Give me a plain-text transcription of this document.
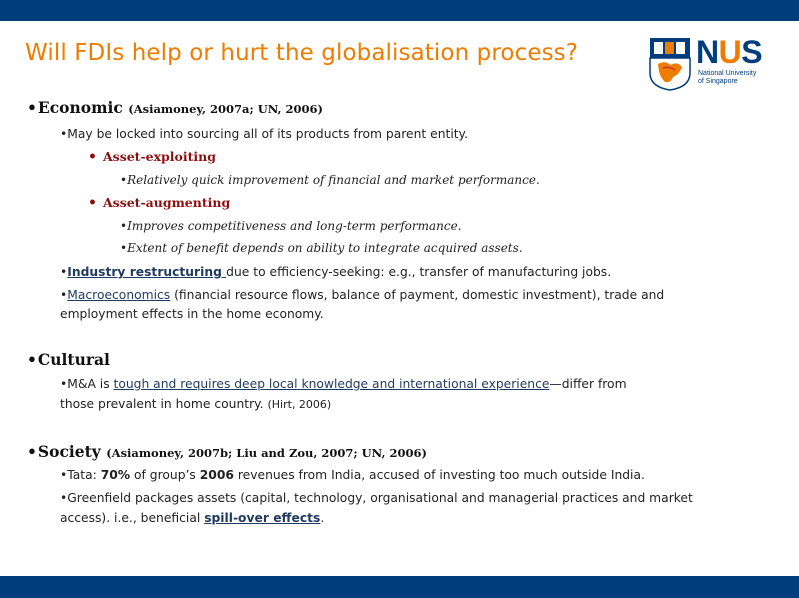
Will FDIs help or hurt the globalisation process?	NUS
National University
of Singapore
•Economic (Asiamoney, 2007a; UN, 2006)
•May be locked into sourcing all of its products from parent entity.
• Asset-exploiting
•Relatively quick improvement of financial and market performance.
• Asset-augmenting
•Improves competitiveness and long-term performance.
•Extent of benefit depends on ability to integrate acquired assets.
•Industry restructuring due to efficiency-seeking: e.g., transfer of manufacturing jobs.
•Macroeconomics (financial resource flows, balance of payment, domestic investment), trade and
employment effects in the home economy.
•Cultural
•M&A is tough and requires deep local knowledge and international experience—differ from
those prevalent in home country. (Hirt, 2006)
•Society (Asiamoney, 2007b; Liu and Zou, 2007; UN, 2006)
•Tata: 70% of group’s 2006 revenues from India, accused of investing too much outside India.
•Greenfield packages assets (capital, technology, organisational and managerial practices and market
access). i.e., beneficial spill-over effects.
